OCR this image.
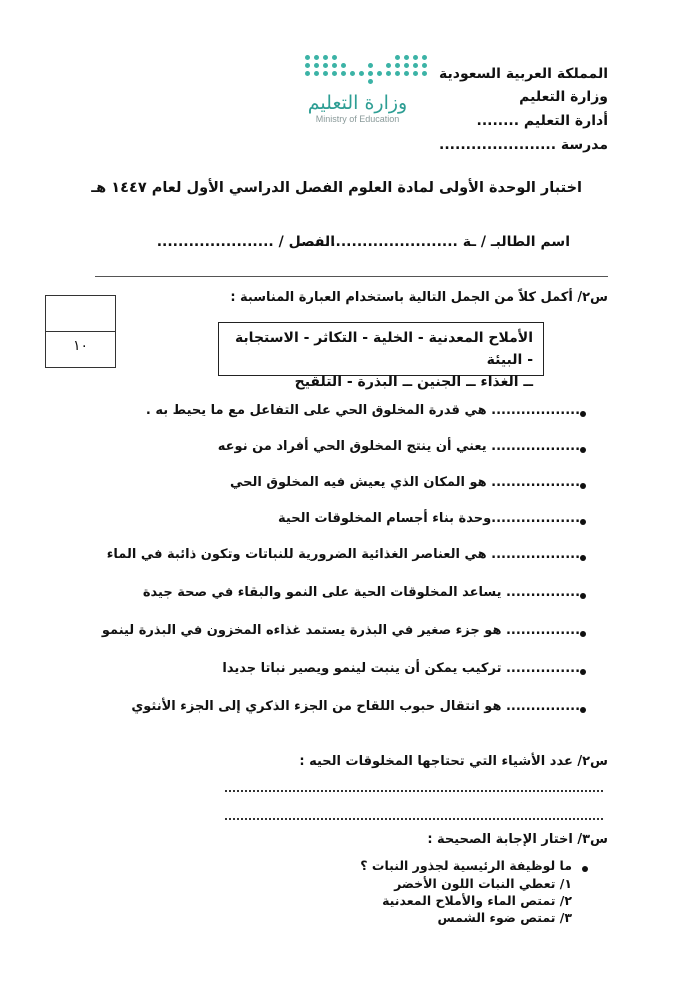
المملكة العربية السعودية
وزارة التعليم
أدارة التعليم ........
مدرسة ......................
وزارة التعليم
Ministry of Education
اختبار الوحدة الأولى لمادة العلوم الفصل الدراسي الأول لعام ١٤٤٧ هـ
اسم الطالبـ / ـة ..............................
الفصل / ......................
١٠
س٢/ أكمل كلاً من الجمل التالية باستخدام العبارة المناسبة :
الأملاح المعدنية - الخلية - التكاثر - الاستجابة - البيئة
ــ الغذاء ــ الجنين ــ البذرة - التلقيح
................... هي قدرة المخلوق الحي على التفاعل مع ما يحيط به .
................... يعني أن ينتج المخلوق الحي أفراد من نوعه
................... هو المكان الذي يعيش فيه المخلوق الحي
...................وحدة بناء أجسام المخلوقات الحية
................... هي العناصر الغذائية الضرورية للنباتات وتكون ذائبة في الماء
................ يساعد المخلوقات الحية على النمو والبقاء في صحة جيدة
................ هو جزء صغير في البذرة يستمد غذاءه المخزون في البذرة لينمو
................ تركيب يمكن أن ينبت لينمو ويصير نباتا جديدا
................ هو انتقال حبوب اللقاح من الجزء الذكري إلى الجزء الأنثوي
س٢/ عدد الأشياء التي تحتاجها المخلوقات الحيه :
س٣/ اختار الإجابة الصحيحة :
ما لوظيفة الرئيسية لجذور النبات ؟
١/ تعطي النبات اللون الأخضر
٢/ تمتص الماء والأملاح المعدنية
٣/ تمتص ضوء الشمس
